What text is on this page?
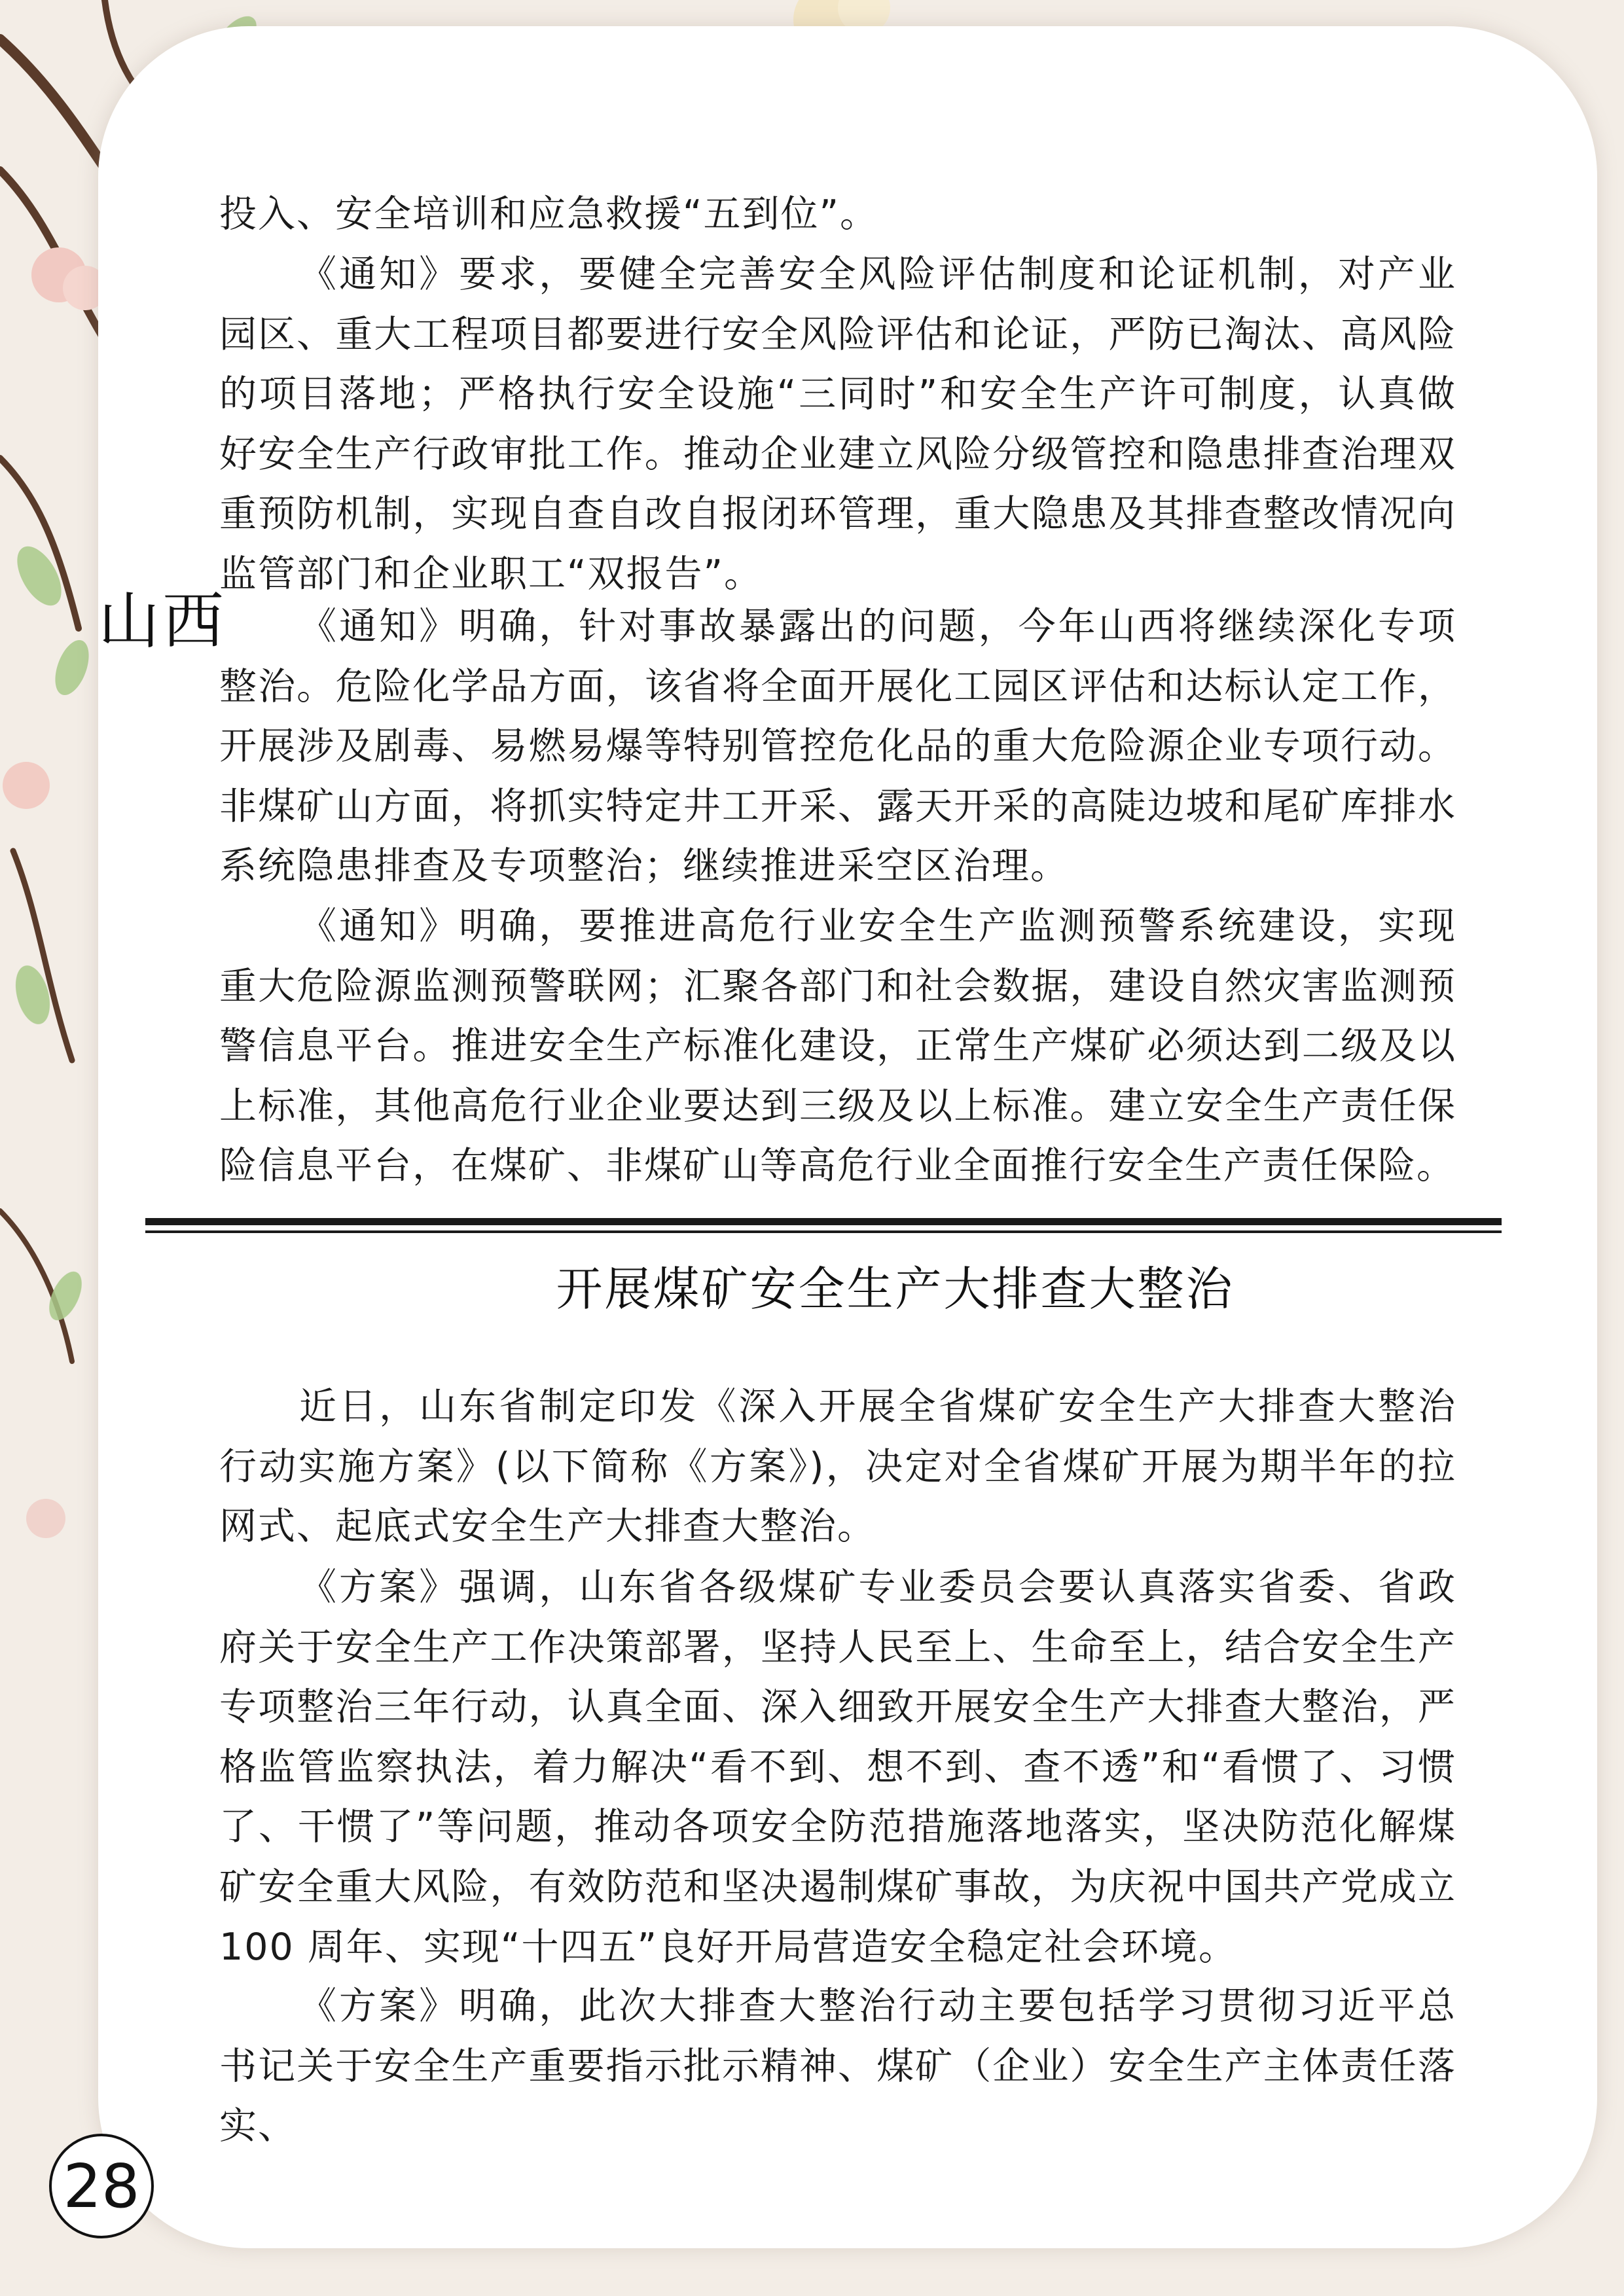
投入、安全培训和应急救援“五到位”。

《通知》要求，要健全完善安全风险评估制度和论证机制，对产业园区、重大工程项目都要进行安全风险评估和论证，严防已淘汰、高风险的项目落地；严格执行安全设施“三同时”和安全生产许可制度，认真做好安全生产行政审批工作。推动企业建立风险分级管控和隐患排查治理双重预防机制，实现自查自改自报闭环管理，重大隐患及其排查整改情况向监管部门和企业职工“双报告”。

山西	《通知》明确，针对事故暴露出的问题，今年山西将继续深化专项整治。危险化学品方面，该省将全面开展化工园区评估和达标认定工作，开展涉及剧毒、易燃易爆等特别管控危化品的重大危险源企业专项行动。非煤矿山方面，将抓实特定井工开采、露天开采的高陡边坡和尾矿库排水系统隐患排查及专项整治；继续推进采空区治理。

《通知》明确，要推进高危行业安全生产监测预警系统建设，实现重大危险源监测预警联网；汇聚各部门和社会数据，建设自然灾害监测预警信息平台。推进安全生产标准化建设，正常生产煤矿必须达到二级及以上标准，其他高危行业企业要达到三级及以上标准。建立安全生产责任保险信息平台，在煤矿、非煤矿山等高危行业全面推行安全生产责任保险。

开展煤矿安全生产大排查大整治

近日，山东省制定印发《深入开展全省煤矿安全生产大排查大整治行动实施方案》(以下简称《方案》)，决定对全省煤矿开展为期半年的拉网式、起底式安全生产大排查大整治。

《方案》强调，山东省各级煤矿专业委员会要认真落实省委、省政府关于安全生产工作决策部署，坚持人民至上、生命至上，结合安全生产专项整治三年行动，认真全面、深入细致开展安全生产大排查大整治，严格监管监察执法，着力解决“看不到、想不到、查不透”和“看惯了、习惯了、干惯了”等问题，推动各项安全防范措施落地落实，坚决防范化解煤矿安全重大风险，有效防范和坚决遏制煤矿事故，为庆祝中国共产党成立 100 周年、实现“十四五”良好开局营造安全稳定社会环境。

《方案》明确，此次大排查大整治行动主要包括学习贯彻习近平总书记关于安全生产重要指示批示精神、煤矿（企业）安全生产主体责任落实、

28
